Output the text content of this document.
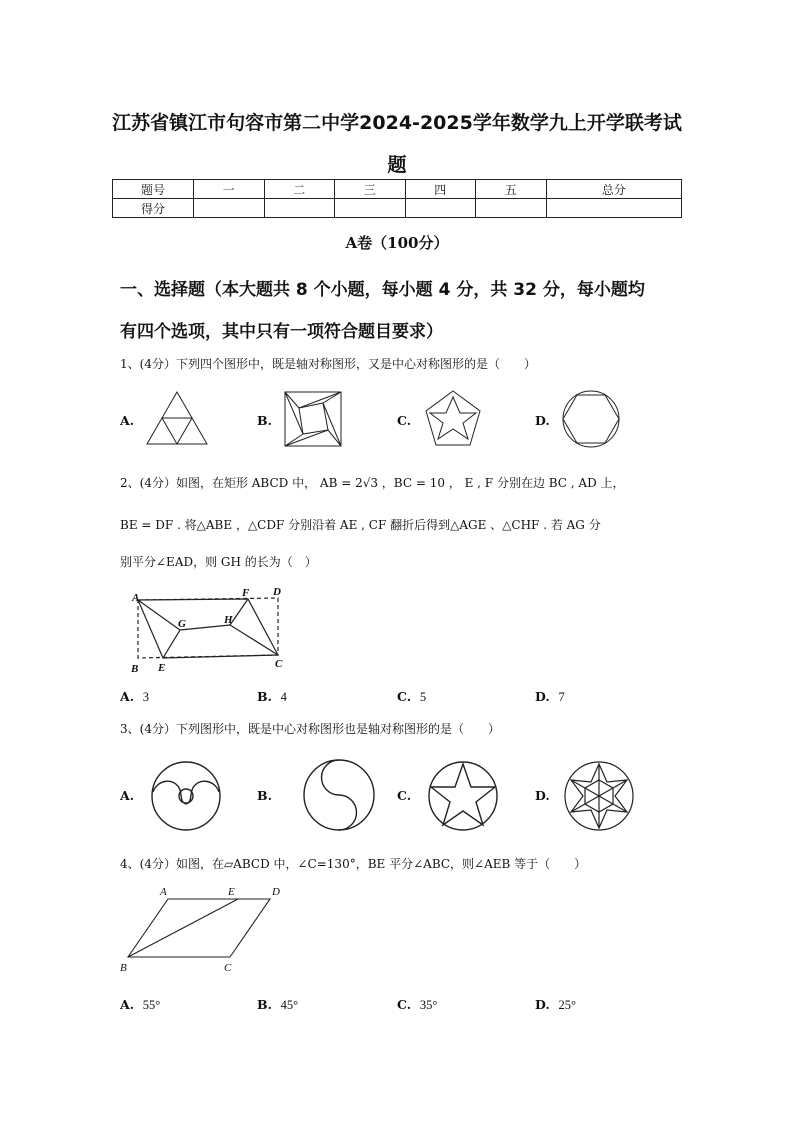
江苏省镇江市句容市第二中学2024-2025学年数学九上开学联考试
题
题号	一	二	三	四	五	总分
得分						
A卷（100分）
一、选择题（本大题共 8 个小题，每小题 4 分，共 32 分，每小题均
有四个选项，其中只有一项符合题目要求）
1、(4分）下列四个图形中，既是轴对称图形，又是中心对称图形的是（　　）
A.	B.	C.	D.
2、(4分）如图，在矩形 ABCD 中， AB = 2√3 ，BC = 10 ， E , F 分别在边 BC , AD 上，
BE = DF . 将△ABE ，△CDF 分别沿着 AE , CF 翻折后得到△AGE 、△CHF . 若 AG 分
别平分∠EAD，则 GH 的长为（　）
A	F D
G	H
B E	C
A. 3	B. 4	C. 5	D. 7
3、(4分）下列图形中，既是中心对称图形也是轴对称图形的是（　　）
A.	B.	C.	D.
4、(4分）如图，在▱ABCD 中，∠C=130°，BE 平分∠ABC，则∠AEB 等于（　　）
A	E	D
B	C
A. 55°	B. 45°	C. 35°	D. 25°
